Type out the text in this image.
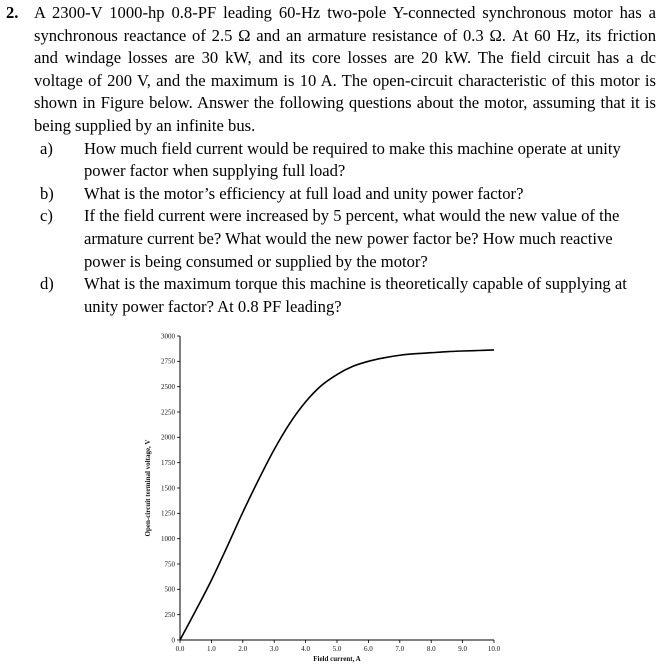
2. A 2300-V 1000-hp 0.8-PF leading 60-Hz two-pole Y-connected synchronous motor has a synchronous reactance of 2.5 Ω and an armature resistance of 0.3 Ω. At 60 Hz, its friction and windage losses are 30 kW, and its core losses are 20 kW. The field circuit has a dc voltage of 200 V, and the maximum is 10 A. The open-circuit characteristic of this motor is shown in Figure below. Answer the following questions about the motor, assuming that it is being supplied by an infinite bus.
a) How much field current would be required to make this machine operate at unity power factor when supplying full load?
b) What is the motor’s efficiency at full load and unity power factor?
c) If the field current were increased by 5 percent, what would the new value of the armature current be? What would the new power factor be? How much reactive power is being consumed or supplied by the motor?
d) What is the maximum torque this machine is theoretically capable of supplying at unity power factor? At 0.8 PF leading?
0.0	1.0	2.0	3.0	4.0	5.0	6.0	7.0	8.0	9.0	10.0
0
250
500
750
1000
1250
1500
1750
2000
2250
2500
2750
3000
Field current, A
Open-circuit terminal voltage, V
